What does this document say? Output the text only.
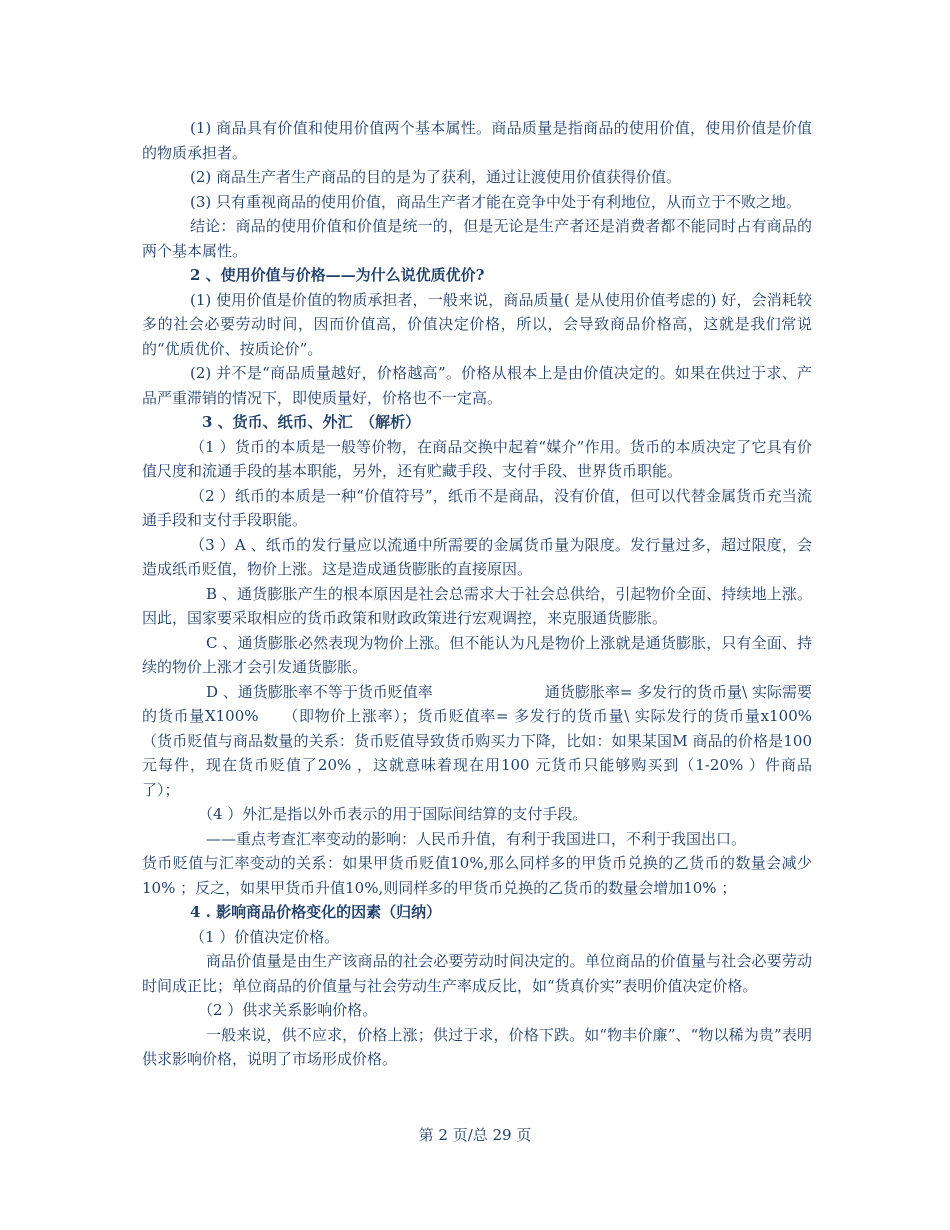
(1) 商品具有价值和使用价值两个基本属性。商品质量是指商品的使用价值，使用价值是价值的物质承担者。

(2) 商品生产者生产商品的目的是为了获利，通过让渡使用价值获得价值。

(3) 只有重视商品的使用价值，商品生产者才能在竞争中处于有利地位，从而立于不败之地。

结论：商品的使用价值和价值是统一的，但是无论是生产者还是消费者都不能同时占有商品的两个基本属性。

2 、使用价值与价格——为什么说优质优价?

(1) 使用价值是价值的物质承担者，一般来说，商品质量( 是从使用价值考虑的) 好，会消耗较多的社会必要劳动时间，因而价值高，价值决定价格，所以，会导致商品价格高，这就是我们常说的“优质优价、按质论价”。

(2) 并不是“商品质量越好，价格越高”。价格从根本上是由价值决定的。如果在供过于求、产品严重滞销的情况下，即使质量好，价格也不一定高。

3 、货币、纸币、外汇　（解析）

（1 ）货币的本质是一般等价物，在商品交换中起着“媒介”作用。货币的本质决定了它具有价值尺度和流通手段的基本职能，另外，还有贮藏手段、支付手段、世界货币职能。

（2 ）纸币的本质是一种“价值符号”，纸币不是商品，没有价值，但可以代替金属货币充当流通手段和支付手段职能。

（3 ）A 、纸币的发行量应以流通中所需要的金属货币量为限度。发行量过多，超过限度，会造成纸币贬值，物价上涨。这是造成通货膨胀的直接原因。

B 、通货膨胀产生的根本原因是社会总需求大于社会总供给，引起物价全面、持续地上涨。因此，国家要采取相应的货币政策和财政政策进行宏观调控，来克服通货膨胀。

C 、通货膨胀必然表现为物价上涨。但不能认为凡是物价上涨就是通货膨胀，只有全面、持续的物价上涨才会引发通货膨胀。

D 、通货膨胀率不等于货币贬值率	通货膨胀率= 多发行的货币量\ 实际需要的货币量X100%　　（即物价上涨率）；货币贬值率= 多发行的货币量\ 实际发行的货币量x100%　　（货币贬值与商品数量的关系：货币贬值导致货币购买力下降，比如：如果某国M 商品的价格是100 元每件，现在货币贬值了20% ，这就意味着现在用100 元货币只能够购买到（1-20% ）件商品了）；

（4 ）外汇是指以外币表示的用于国际间结算的支付手段。

——重点考查汇率变动的影响：人民币升值，有利于我国进口，不利于我国出口。

货币贬值与汇率变动的关系：如果甲货币贬值10%,那么同样多的甲货币兑换的乙货币的数量会减少10% ；反之，如果甲货币升值10%,则同样多的甲货币兑换的乙货币的数量会增加10% ；

4 . 影响商品价格变化的因素（归纳）

（1 ）价值决定价格。

商品价值量是由生产该商品的社会必要劳动时间决定的。单位商品的价值量与社会必要劳动时间成正比；单位商品的价值量与社会劳动生产率成反比，如“货真价实”表明价值决定价格。

（2 ）供求关系影响价格。

一般来说，供不应求，价格上涨；供过于求，价格下跌。如“物丰价廉”、“物以稀为贵”表明供求影响价格，说明了市场形成价格。

第 2 页/总 29 页
